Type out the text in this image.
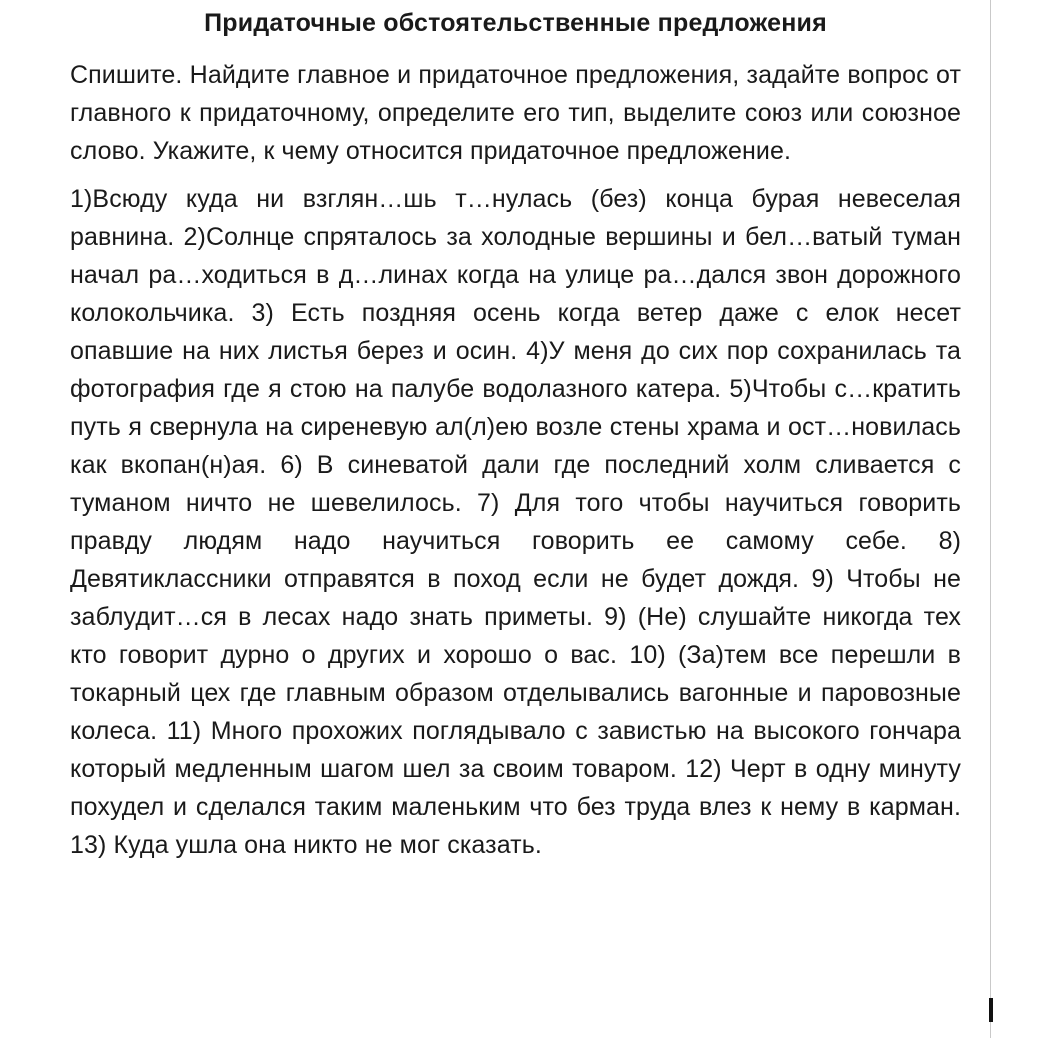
Придаточные обстоятельственные предложения

Спишите. Найдите главное и придаточное предложения, задайте вопрос от главного к придаточному, определите его тип, выделите союз или союзное слово. Укажите, к чему относится придаточное предложение.

1)Всюду куда ни взглян…шь т…нулась (без) конца бурая невеселая равнина. 2)Солнце спряталось за холодные вершины и бел…ватый туман начал ра…ходиться в д…линах когда на улице ра…дался звон дорожного колокольчика. 3) Есть поздняя осень когда ветер даже с елок несет опавшие на них листья берез и осин. 4)У меня до сих пор сохранилась та фотография где я стою на палубе водолазного катера. 5)Чтобы с…кратить путь я свернула на сиреневую ал(л)ею возле стены храма и ост…новилась как вкопан(н)ая. 6) В синеватой дали где последний холм сливается с туманом ничто не шевелилось. 7) Для того чтобы научиться говорить правду людям надо научиться говорить ее самому себе. 8) Девятиклассники отправятся в поход если не будет дождя. 9) Чтобы не заблудит…ся в лесах надо знать приметы. 9) (Не) слушайте никогда тех кто говорит дурно о других и хорошо о вас. 10) (За)тем все перешли в токарный цех где главным образом отделывались вагонные и паровозные колеса. 11) Много прохожих поглядывало с завистью на высокого гончара который медленным шагом шел за своим товаром. 12) Черт в одну минуту похудел и сделался таким маленьким что без труда влез к нему в карман. 13) Куда ушла она никто не мог сказать.
